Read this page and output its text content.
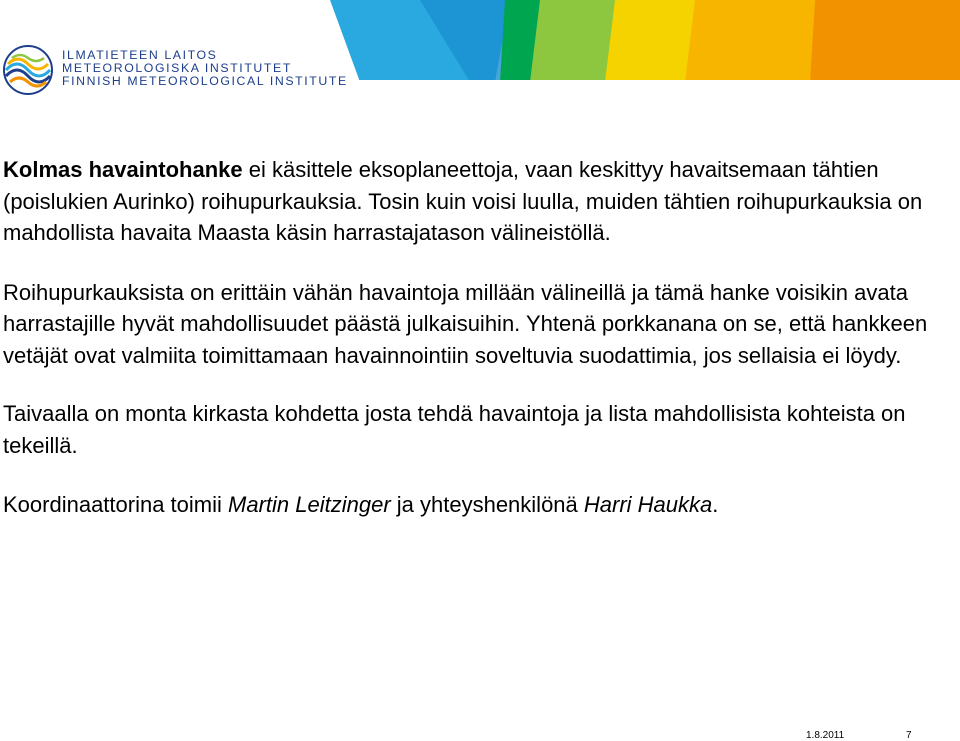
ILMATIETEEN LAITOS
METEOROLOGISKA INSTITUTET
FINNISH METEOROLOGICAL INSTITUTE

Kolmas havaintohanke ei käsittele eksoplaneettoja, vaan keskittyy havaitsemaan tähtien (poislukien Aurinko) roihupurkauksia. Tosin kuin voisi luulla, muiden tähtien roihupurkauksia on mahdollista havaita Maasta käsin harrastajatason välineistöllä.

Roihupurkauksista on erittäin vähän havaintoja millään välineillä ja tämä hanke voisikin avata harrastajille hyvät mahdollisuudet päästä julkaisuihin. Yhtenä porkkanana on se, että hankkeen vetäjät ovat valmiita toimittamaan havainnointiin soveltuvia suodattimia, jos sellaisia ei löydy.

Taivaalla on monta kirkasta kohdetta josta tehdä havaintoja ja lista mahdollisista kohteista on tekeillä.

Koordinaattorina toimii Martin Leitzinger ja yhteyshenkilönä Harri Haukka.

1.8.2011	7
